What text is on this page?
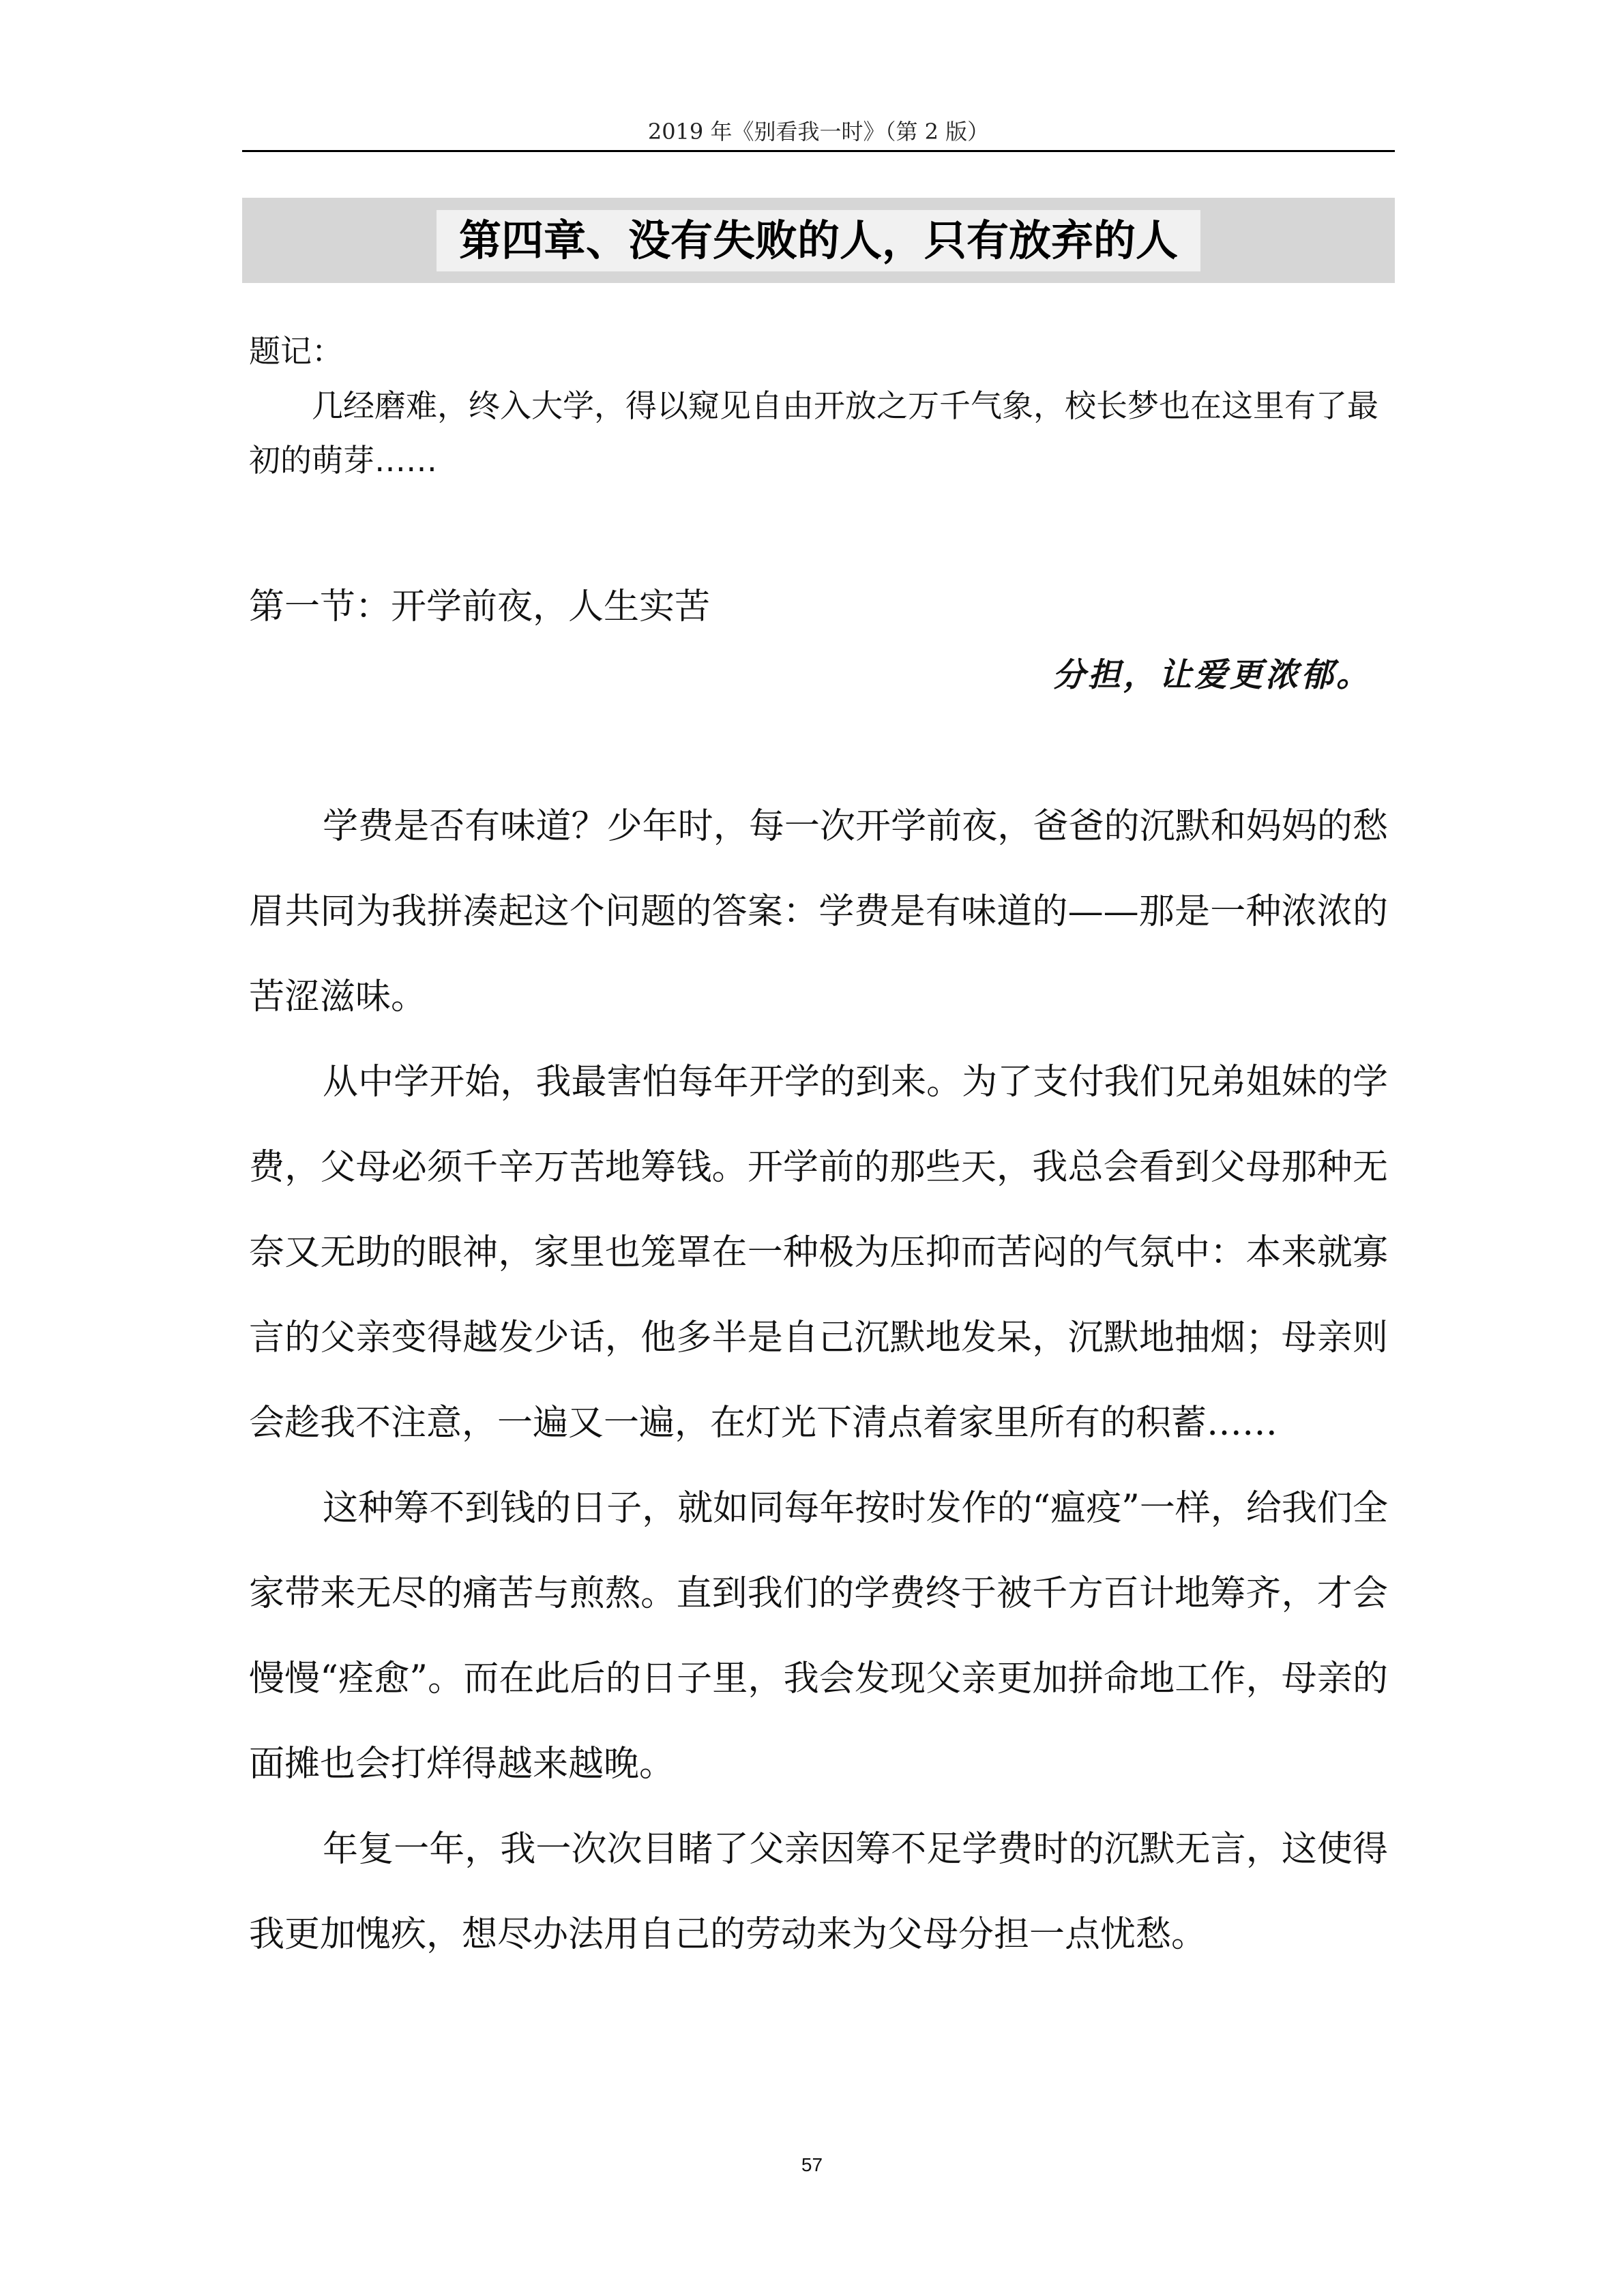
2019 年《别看我一时》（第 2 版）
第四章、没有失败的人，只有放弃的人
题记：
几经磨难，终入大学，得以窥见自由开放之万千气象，校长梦也在这里有了最初的萌芽……
第一节：开学前夜，人生实苦
分担，让爱更浓郁。

学费是否有味道？少年时，每一次开学前夜，爸爸的沉默和妈妈的愁眉共同为我拼凑起这个问题的答案：学费是有味道的——那是一种浓浓的苦涩滋味。

从中学开始，我最害怕每年开学的到来。为了支付我们兄弟姐妹的学费，父母必须千辛万苦地筹钱。开学前的那些天，我总会看到父母那种无奈又无助的眼神，家里也笼罩在一种极为压抑而苦闷的气氛中：本来就寡言的父亲变得越发少话，他多半是自己沉默地发呆，沉默地抽烟；母亲则会趁我不注意，一遍又一遍，在灯光下清点着家里所有的积蓄……

这种筹不到钱的日子，就如同每年按时发作的“瘟疫”一样，给我们全家带来无尽的痛苦与煎熬。直到我们的学费终于被千方百计地筹齐，才会慢慢“痊愈”。而在此后的日子里，我会发现父亲更加拼命地工作，母亲的面摊也会打烊得越来越晚。

年复一年，我一次次目睹了父亲因筹不足学费时的沉默无言，这使得我更加愧疚，想尽办法用自己的劳动来为父母分担一点忧愁。

57
